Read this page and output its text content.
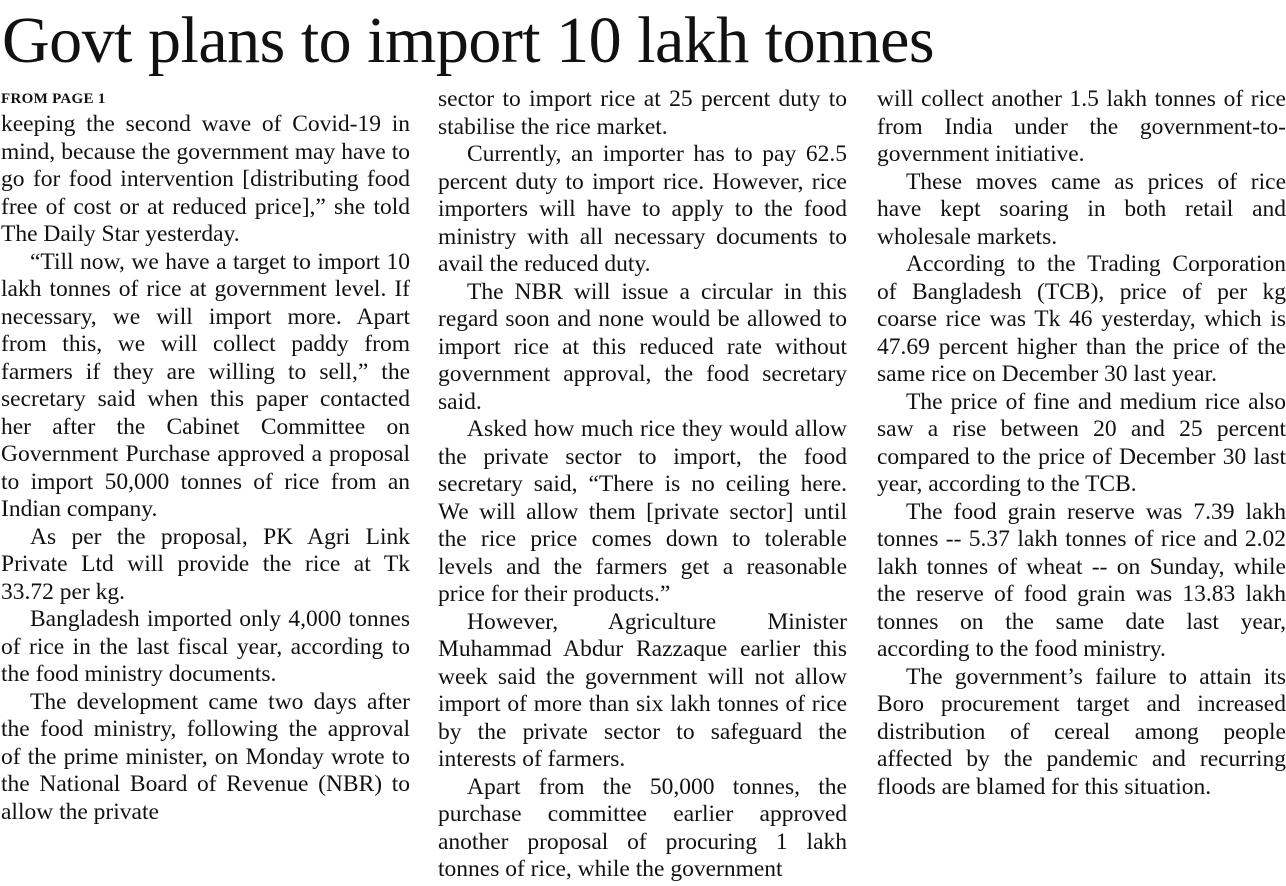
Govt plans to import 10 lakh tonnes
FROM PAGE 1

keeping the second wave of Covid-19 in mind, because the government may have to go for food intervention [distributing food free of cost or at reduced price],” she told The Daily Star yesterday.

“Till now, we have a target to import 10 lakh tonnes of rice at government level. If necessary, we will import more. Apart from this, we will collect paddy from farmers if they are willing to sell,” the secretary said when this paper contacted her after the Cabinet Committee on Government Purchase approved a proposal to import 50,000 tonnes of rice from an Indian company.

As per the proposal, PK Agri Link Private Ltd will provide the rice at Tk 33.72 per kg.

Bangladesh imported only 4,000 tonnes of rice in the last fiscal year, according to the food ministry documents.

The development came two days after the food ministry, following the approval of the prime minister, on Monday wrote to the National Board of Revenue (NBR) to allow the private

sector to import rice at 25 percent duty to stabilise the rice market.

Currently, an importer has to pay 62.5 percent duty to import rice. However, rice importers will have to apply to the food ministry with all necessary documents to avail the reduced duty.

The NBR will issue a circular in this regard soon and none would be allowed to import rice at this reduced rate without government approval, the food secretary said.

Asked how much rice they would allow the private sector to import, the food secretary said, “There is no ceiling here. We will allow them [private sector] until the rice price comes down to tolerable levels and the farmers get a reasonable price for their products.”

However, Agriculture Minister Muhammad Abdur Razzaque earlier this week said the government will not allow import of more than six lakh tonnes of rice by the private sector to safeguard the interests of farmers.

Apart from the 50,000 tonnes, the purchase committee earlier approved another proposal of procuring 1 lakh tonnes of rice, while the government

will collect another 1.5 lakh tonnes of rice from India under the government-to-government initiative.

These moves came as prices of rice have kept soaring in both retail and wholesale markets.

According to the Trading Corporation of Bangladesh (TCB), price of per kg coarse rice was Tk 46 yesterday, which is 47.69 percent higher than the price of the same rice on December 30 last year.

The price of fine and medium rice also saw a rise between 20 and 25 percent compared to the price of December 30 last year, according to the TCB.

The food grain reserve was 7.39 lakh tonnes -- 5.37 lakh tonnes of rice and 2.02 lakh tonnes of wheat -- on Sunday, while the reserve of food grain was 13.83 lakh tonnes on the same date last year, according to the food ministry.

The government’s failure to attain its Boro procurement target and increased distribution of cereal among people affected by the pandemic and recurring floods are blamed for this situation.
